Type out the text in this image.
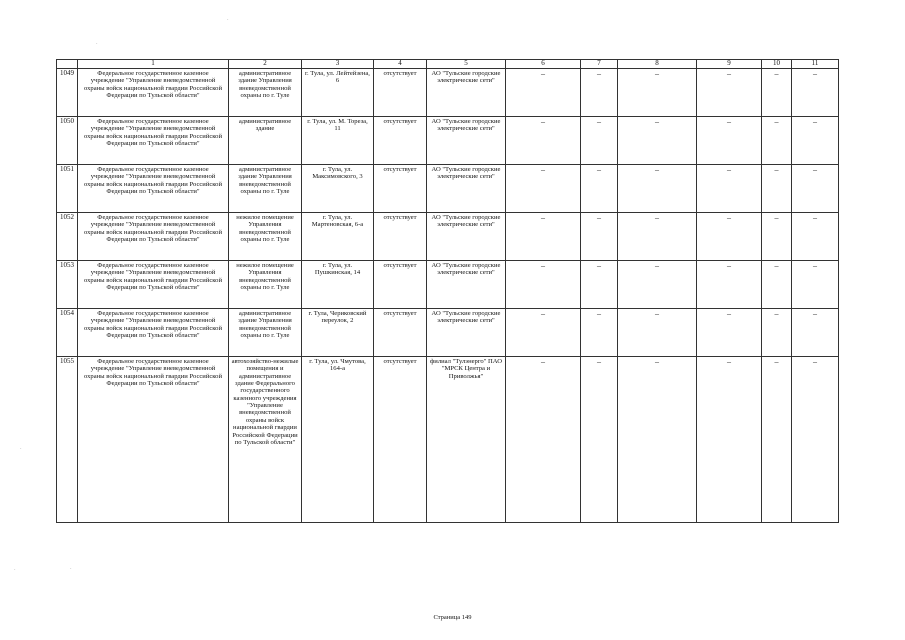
	1	2	3	4	5	6	7	8	9	10	11
1049	Федеральное государственное казенное учреждение "Управление вневедомственной охраны войск национальной гвардии Российской Федерации по Тульской области"	административное здание Управления вневедомственной охраны по г. Туле	г. Тула, ул. Лейтейзена, 6	отсутствует	АО "Тульские городские электрические сети"	–	–	–	–	–	–
1050	Федеральное государственное казенное учреждение "Управление вневедомственной охраны войск национальной гвардии Российской Федерации по Тульской области"	административное здание	г. Тула, ул. М. Тореза, 11	отсутствует	АО "Тульские городские электрические сети"	–	–	–	–	–	–
1051	Федеральное государственное казенное учреждение "Управление вневедомственной охраны войск национальной гвардии Российской Федерации по Тульской области"	административное здание Управления вневедомственной охраны по г. Туле	г. Тула, ул. Максимовского, 3	отсутствует	АО "Тульские городские электрические сети"	–	–	–	–	–	–
1052	Федеральное государственное казенное учреждение "Управление вневедомственной охраны войск национальной гвардии Российской Федерации по Тульской области"	нежилое помещение Управления вневедомственной охраны по г. Туле	г. Тула, ул. Мартеновская, 6-а	отсутствует	АО "Тульские городские электрические сети"	–	–	–	–	–	–
1053	Федеральное государственное казенное учреждение "Управление вневедомственной охраны войск национальной гвардии Российской Федерации по Тульской области"	нежилое помещение Управления вневедомственной охраны по г. Туле	г. Тула, ул. Пушкинская, 14	отсутствует	АО "Тульские городские электрические сети"	–	–	–	–	–	–
1054	Федеральное государственное казенное учреждение "Управление вневедомственной охраны войск национальной гвардии Российской Федерации по Тульской области"	административное здание Управления вневедомственной охраны по г. Туле	г. Тула, Чериковский переулок, 2	отсутствует	АО "Тульские городские электрические сети"	–	–	–	–	–	–
1055	Федеральное государственное казенное учреждение "Управление вневедомственной охраны войск национальной гвардии Российской Федерации по Тульской области"	автохозяйство-нежилые помещения и административное здание Федерального государственного казенного учреждения "Управление вневедомственной охраны войск национальной гвардии Российской Федерации по Тульской области"	г. Тула, ул. Чмутова, 164-а	отсутствует	филиал "Тулэнерго" ПАО "МРСК Центра и Приволжья"	–	–	–	–	–	–
·
·
·
·	·
Страница 149
